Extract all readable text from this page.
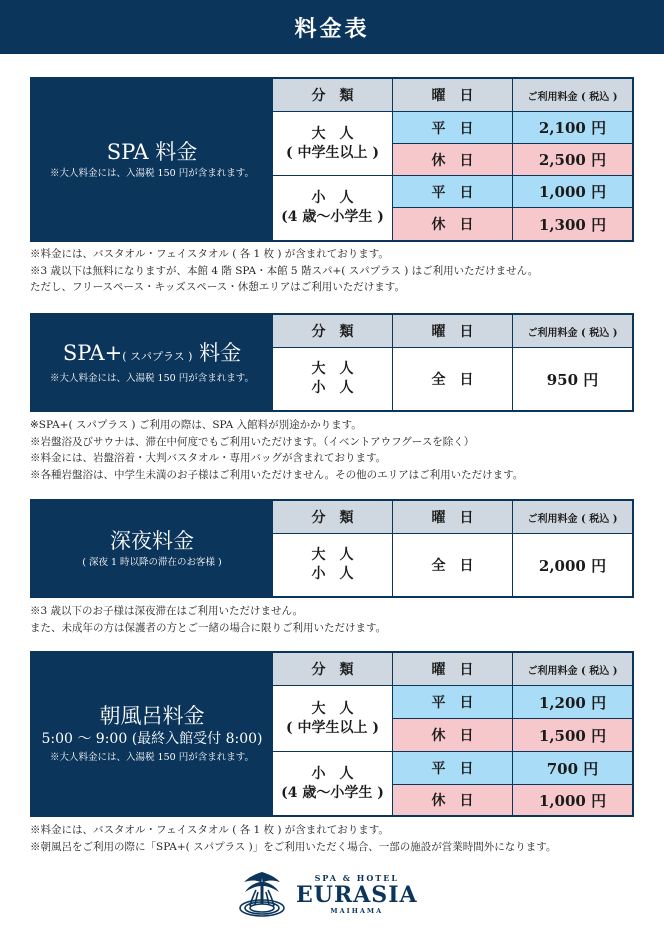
料金表
SPA 料金
※大人料金には、入湯税 150 円が含まれます。
分　類	曜　日	ご利用料金 ( 税込 )
大　人
( 中学生以上 )
平　日	2,100 円
休　日	2,500 円
小　人
(4 歳～小学生 )
平　日	1,000 円
休　日	1,300 円
※料金には、バスタオル・フェイスタオル ( 各 1 枚 ) が含まれております。
※3 歳以下は無料になりますが、本館 4 階 SPA・本館 5 階スパ+( スパプラス ) はご利用いただけません。
ただし、フリースペース・キッズスペース・休憩エリアはご利用いただけます。
SPA+( スパプラス ) 料金
※大人料金には、入湯税 150 円が含まれます。
分　類	曜　日	ご利用料金 ( 税込 )
大　人
小　人	全　日	950 円
※SPA+( スパプラス ) ご利用の際は、SPA 入館料が別途かかります。
※岩盤浴及びサウナは、滞在中何度でもご利用いただけます。（イベントアウフグースを除く）
※料金には、岩盤浴着・大判バスタオル・専用バッグが含まれております。
※各種岩盤浴は、中学生未満のお子様はご利用いただけません。その他のエリアはご利用いただけます。
深夜料金
( 深夜 1 時以降の滞在のお客様 )
分　類	曜　日	ご利用料金 ( 税込 )
大　人
小　人	全　日	2,000 円
※3 歳以下のお子様は深夜滞在はご利用いただけません。
また、未成年の方は保護者の方とご一緒の場合に限りご利用いただけます。
朝風呂料金
5:00 ～ 9:00 (最終入館受付 8:00)
※大人料金には、入湯税 150 円が含まれます。
分　類	曜　日	ご利用料金 ( 税込 )
大　人
( 中学生以上 )
平　日	1,200 円
休　日	1,500 円
小　人
(4 歳～小学生 )
平　日	700 円
休　日	1,000 円
※料金には、バスタオル・フェイスタオル ( 各 1 枚 ) が含まれております。
※朝風呂をご利用の際に「SPA+( スパプラス )」をご利用いただく場合、一部の施設が営業時間外になります。
SPA & HOTEL
EURASIA
MAIHAMA
